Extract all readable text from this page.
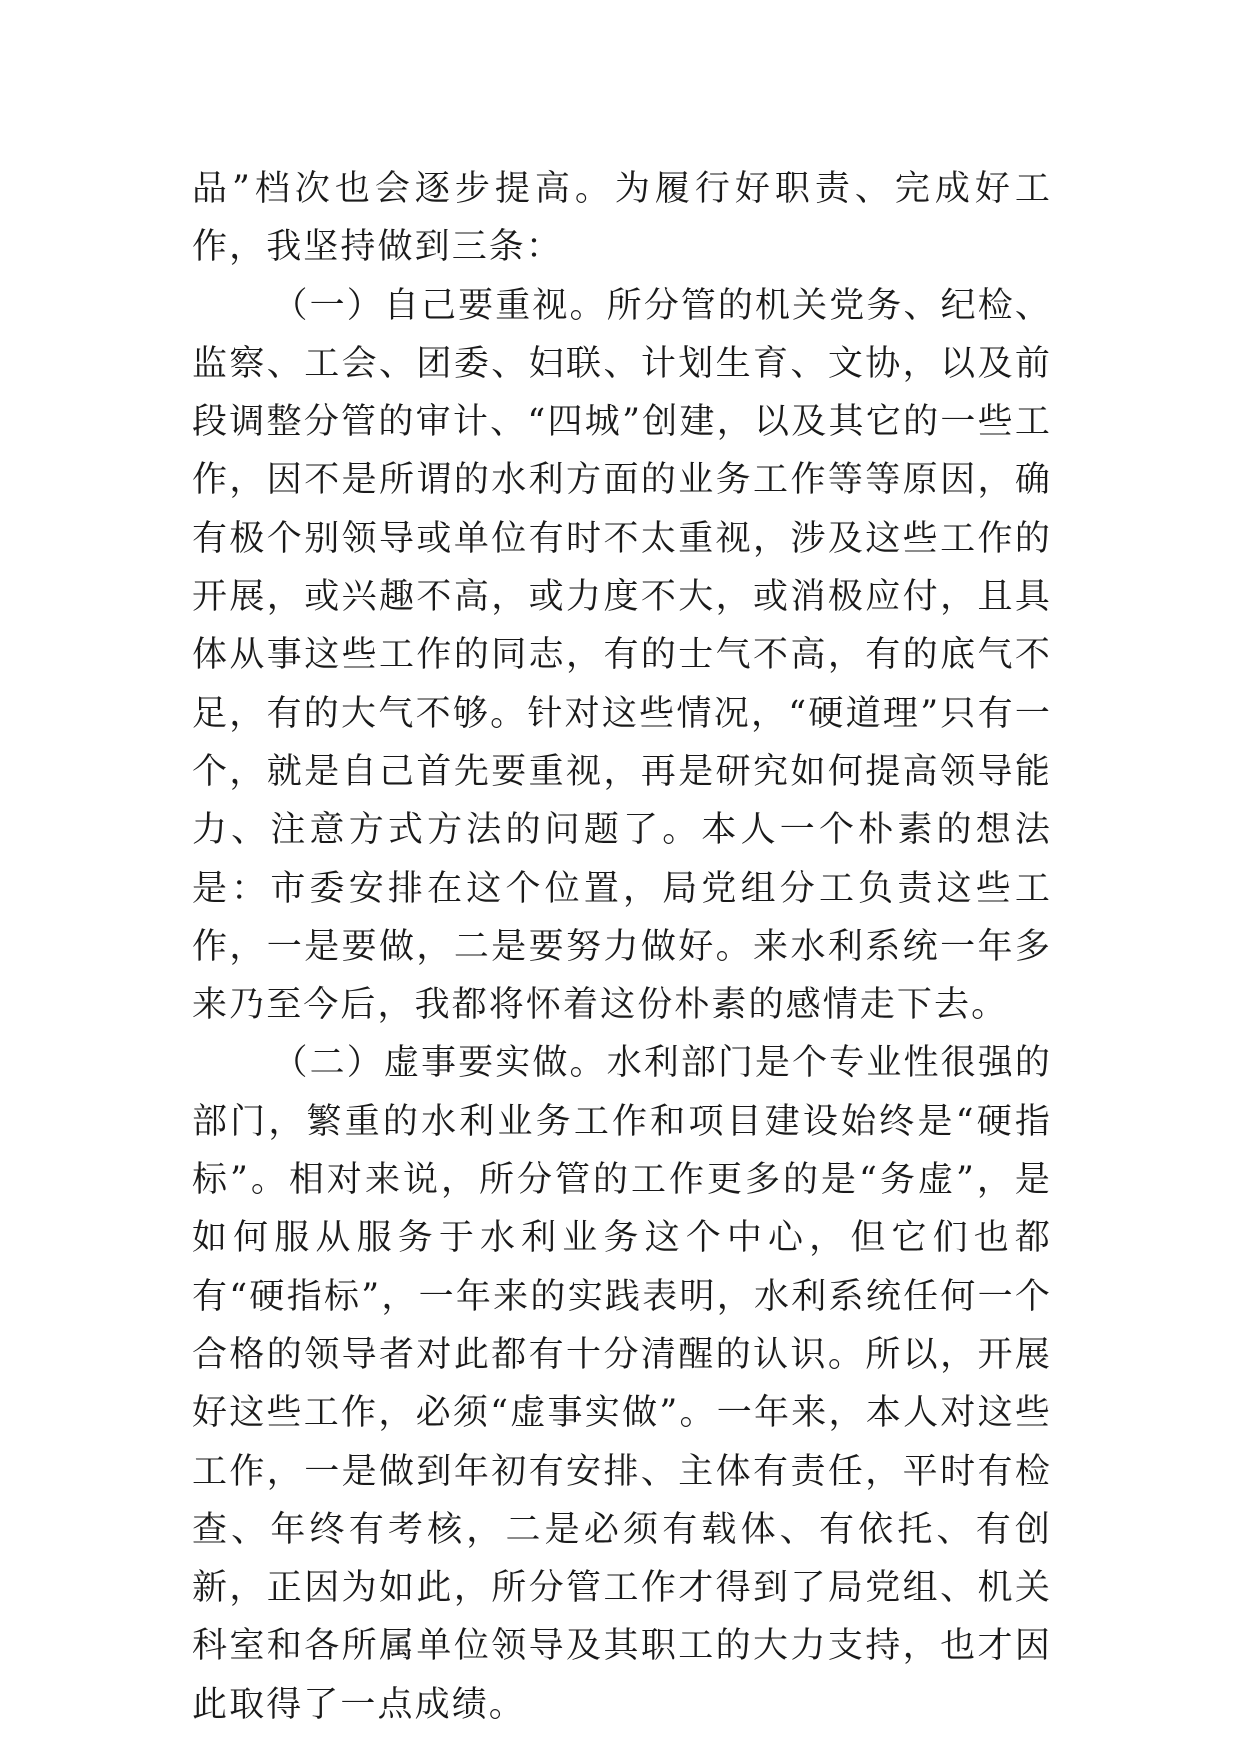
品”档次也会逐步提高。为履行好职责、完成好工作，我坚持做到三条：

（一）自己要重视。所分管的机关党务、纪检、监察、工会、团委、妇联、计划生育、文协，以及前段调整分管的审计、“四城”创建，以及其它的一些工作，因不是所谓的水利方面的业务工作等等原因，确有极个别领导或单位有时不太重视，涉及这些工作的开展，或兴趣不高，或力度不大，或消极应付，且具体从事这些工作的同志，有的士气不高，有的底气不足，有的大气不够。针对这些情况，“硬道理”只有一个，就是自己首先要重视，再是研究如何提高领导能力、注意方式方法的问题了。本人一个朴素的想法是：市委安排在这个位置，局党组分工负责这些工作，一是要做，二是要努力做好。来水利系统一年多来乃至今后，我都将怀着这份朴素的感情走下去。

（二）虚事要实做。水利部门是个专业性很强的部门，繁重的水利业务工作和项目建设始终是“硬指标”。相对来说，所分管的工作更多的是“务虚”，是如何服从服务于水利业务这个中心，但它们也都有“硬指标”，一年来的实践表明，水利系统任何一个合格的领导者对此都有十分清醒的认识。所以，开展好这些工作，必须“虚事实做”。一年来，本人对这些工作，一是做到年初有安排、主体有责任，平时有检查、年终有考核，二是必须有载体、有依托、有创新，正因为如此，所分管工作才得到了局党组、机关科室和各所属单位领导及其职工的大力支持，也才因此取得了一点成绩。
